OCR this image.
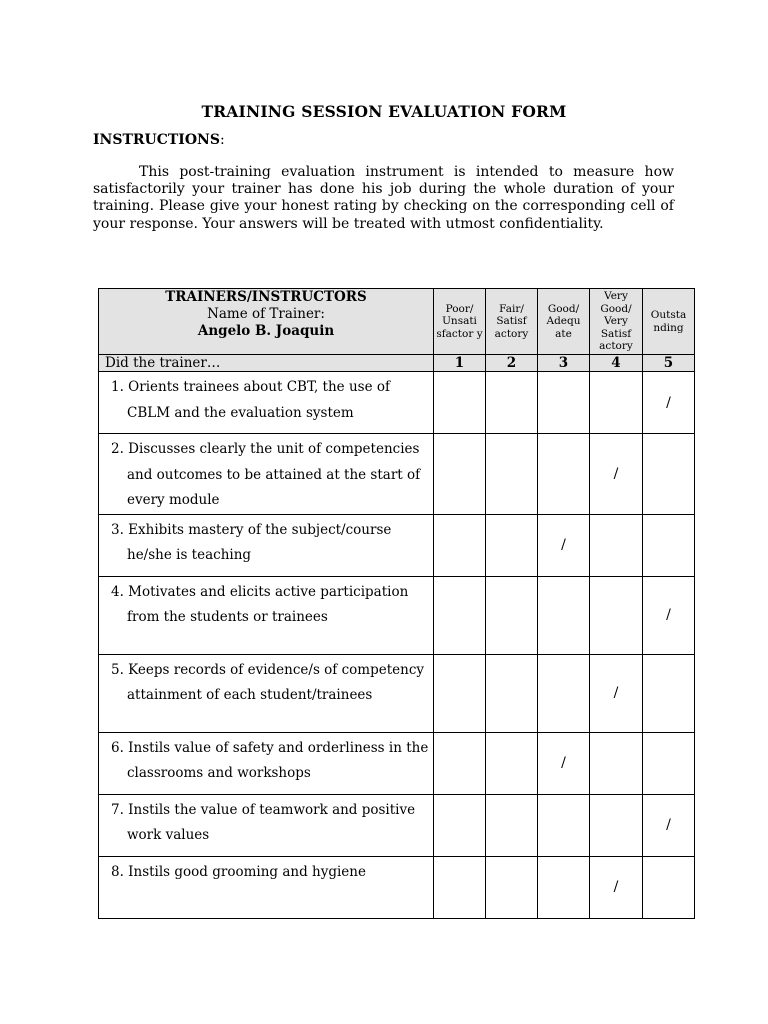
TRAINING SESSION EVALUATION FORM
INSTRUCTIONS:
This post-training evaluation instrument is intended to measure how satisfactorily your trainer has done his job during the whole duration of your training. Please give your honest rating by checking on the corresponding cell of your response. Your answers will be treated with utmost confidentiality.
TRAINERS/INSTRUCTORS
Name of Trainer:
Angelo B. Joaquin	Poor/ Unsati sfactor y	Fair/ Satisf actory	Good/ Adequ ate	Very Good/ Very Satisf actory	Outsta nding
Did the trainer…	1	2	3	4	5

1. Orients trainees about CBT, the use of CBLM and the evaluation system					/

2. Discusses clearly the unit of competencies and outcomes to be attained at the start of every module				/	

3. Exhibits mastery of the subject/course he/she is teaching			/		

4. Motivates and elicits active participation from the students or trainees					/

5. Keeps records of evidence/s of competency attainment of each student/trainees				/	

6. Instils value of safety and orderliness in the classrooms and workshops			/		

7. Instils the value of teamwork and positive work values					/

8. Instils good grooming and hygiene				/	
